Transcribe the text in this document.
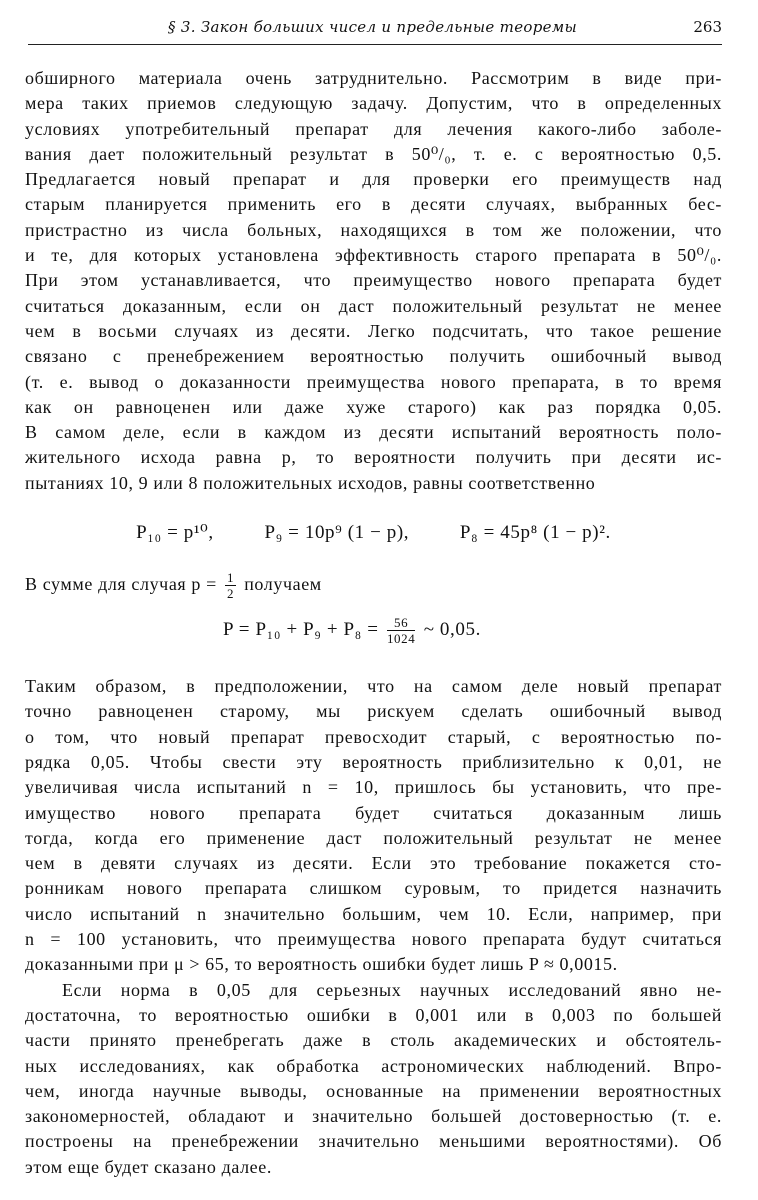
§ 3. Закон больших чисел и предельные теоремы	263
обширного материала очень затруднительно. Рассмотрим в виде при-
мера таких приемов следующую задачу. Допустим, что в определенных
условиях употребительный препарат для лечения какого-либо заболе-
вания дает положительный результат в 50⁰/₀, т. е. с вероятностью 0,5.
Предлагается новый препарат и для проверки его преимуществ над
старым планируется применить его в десяти случаях, выбранных бес-
пристрастно из числа больных, находящихся в том же положении, что
и те, для которых установлена эффективность старого препарата в 50⁰/₀.
При этом устанавливается, что преимущество нового препарата будет
считаться доказанным, если он даст положительный результат не менее
чем в восьми случаях из десяти. Легко подсчитать, что такое решение
связано с пренебрежением вероятностью получить ошибочный вывод
(т. е. вывод о доказанности преимущества нового препарата, в то время
как он равноценен или даже хуже старого) как раз порядка 0,05.
В самом деле, если в каждом из десяти испытаний вероятность поло-
жительного исхода равна p, то вероятности получить при десяти ис-
пытаниях 10, 9 или 8 положительных исходов, равны соответственно
P₁₀ = p¹⁰,	P₉ = 10p⁹ (1 − p),	P₈ = 45p⁸ (1 − p)².
В сумме для случая $p = \frac{1}{2}$ получаем
$P = P_{10} + P_9 + P_8 = \frac{56}{1024}$ ~ 0,05.
Таким образом, в предположении, что на самом деле новый препарат
точно равноценен старому, мы рискуем сделать ошибочный вывод
о том, что новый препарат превосходит старый, с вероятностью по-
рядка 0,05. Чтобы свести эту вероятность приблизительно к 0,01, не
увеличивая числа испытаний n = 10, пришлось бы установить, что пре-
имущество нового препарата будет считаться доказанным лишь
тогда, когда его применение даст положительный результат не менее
чем в девяти случаях из десяти. Если это требование покажется сто-
ронникам нового препарата слишком суровым, то придется назначить
число испытаний n значительно большим, чем 10. Если, например, при
n = 100 установить, что преимущества нового препарата будут считаться
доказанными при μ > 65, то вероятность ошибки будет лишь P ≈ 0,0015.
Если норма в 0,05 для серьезных научных исследований явно не-
достаточна, то вероятностью ошибки в 0,001 или в 0,003 по большей
части принято пренебрегать даже в столь академических и обстоятель-
ных исследованиях, как обработка астрономических наблюдений. Впро-
чем, иногда научные выводы, основанные на применении вероятностных
закономерностей, обладают и значительно большей достоверностью (т. е.
построены на пренебрежении значительно меньшими вероятностями). Об
этом еще будет сказано далее.
